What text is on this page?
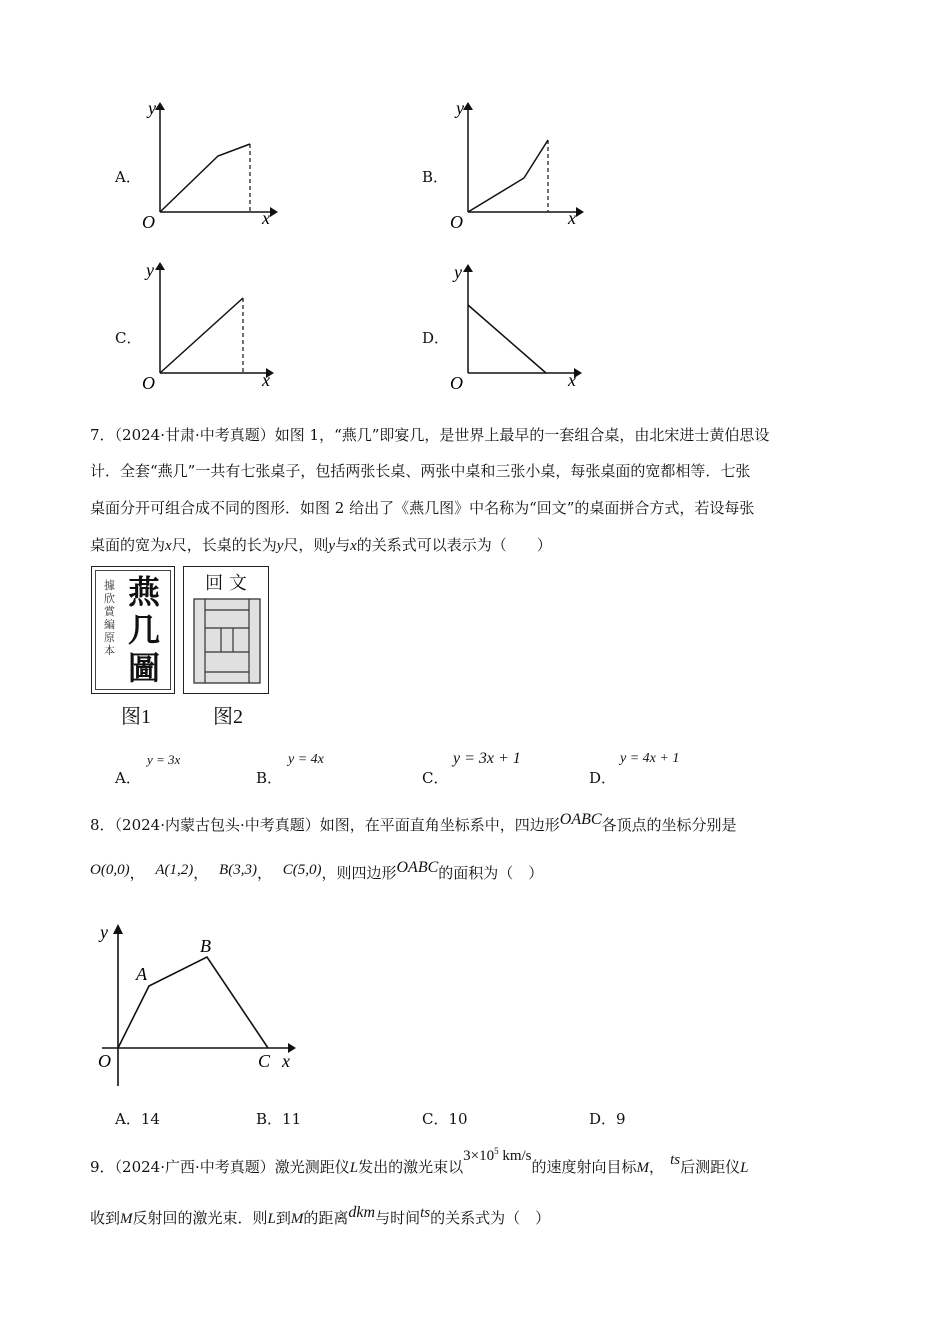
A．
y
O	x
B．
y
O	x
C．
y
O	x
D．
y
O	x
7．（2024·甘肃·中考真题）如图 1，“燕几”即宴几，是世界上最早的一套组合桌，由北宋进士黄伯思设
计．全套“燕几”一共有七张桌子，包括两张长桌、两张中桌和三张小桌，每张桌面的宽都相等．七张
桌面分开可组合成不同的图形．如图 2 给出了《燕几图》中名称为“回文”的桌面拼合方式，若设每张
桌面的宽为x尺，长桌的长为y尺，则y与x的关系式可以表示为（　　）
據欣賞編原本
燕几圖
图1
回 文
图2
A．
y = 3x
B．
y = 4x
C．
y = 3x + 1
D．
y = 4x + 1
8．（2024·内蒙古包头·中考真题）如图，在平面直角坐标系中，四边形OABC各顶点的坐标分别是
O(0,0)， A(1,2)， B(3,3)， C(5,0)，则四边形OABC的面积为（　）
y
O	x
A
B
C
A．14	B．11	C．10	D．9
9．（2024·广西·中考真题）激光测距仪L发出的激光束以$3\times 10^5$ km/s的速度射向目标M， ts后测距仪L
收到M反射回的激光束．则L到M的距离dkm与时间ts的关系式为（　）
